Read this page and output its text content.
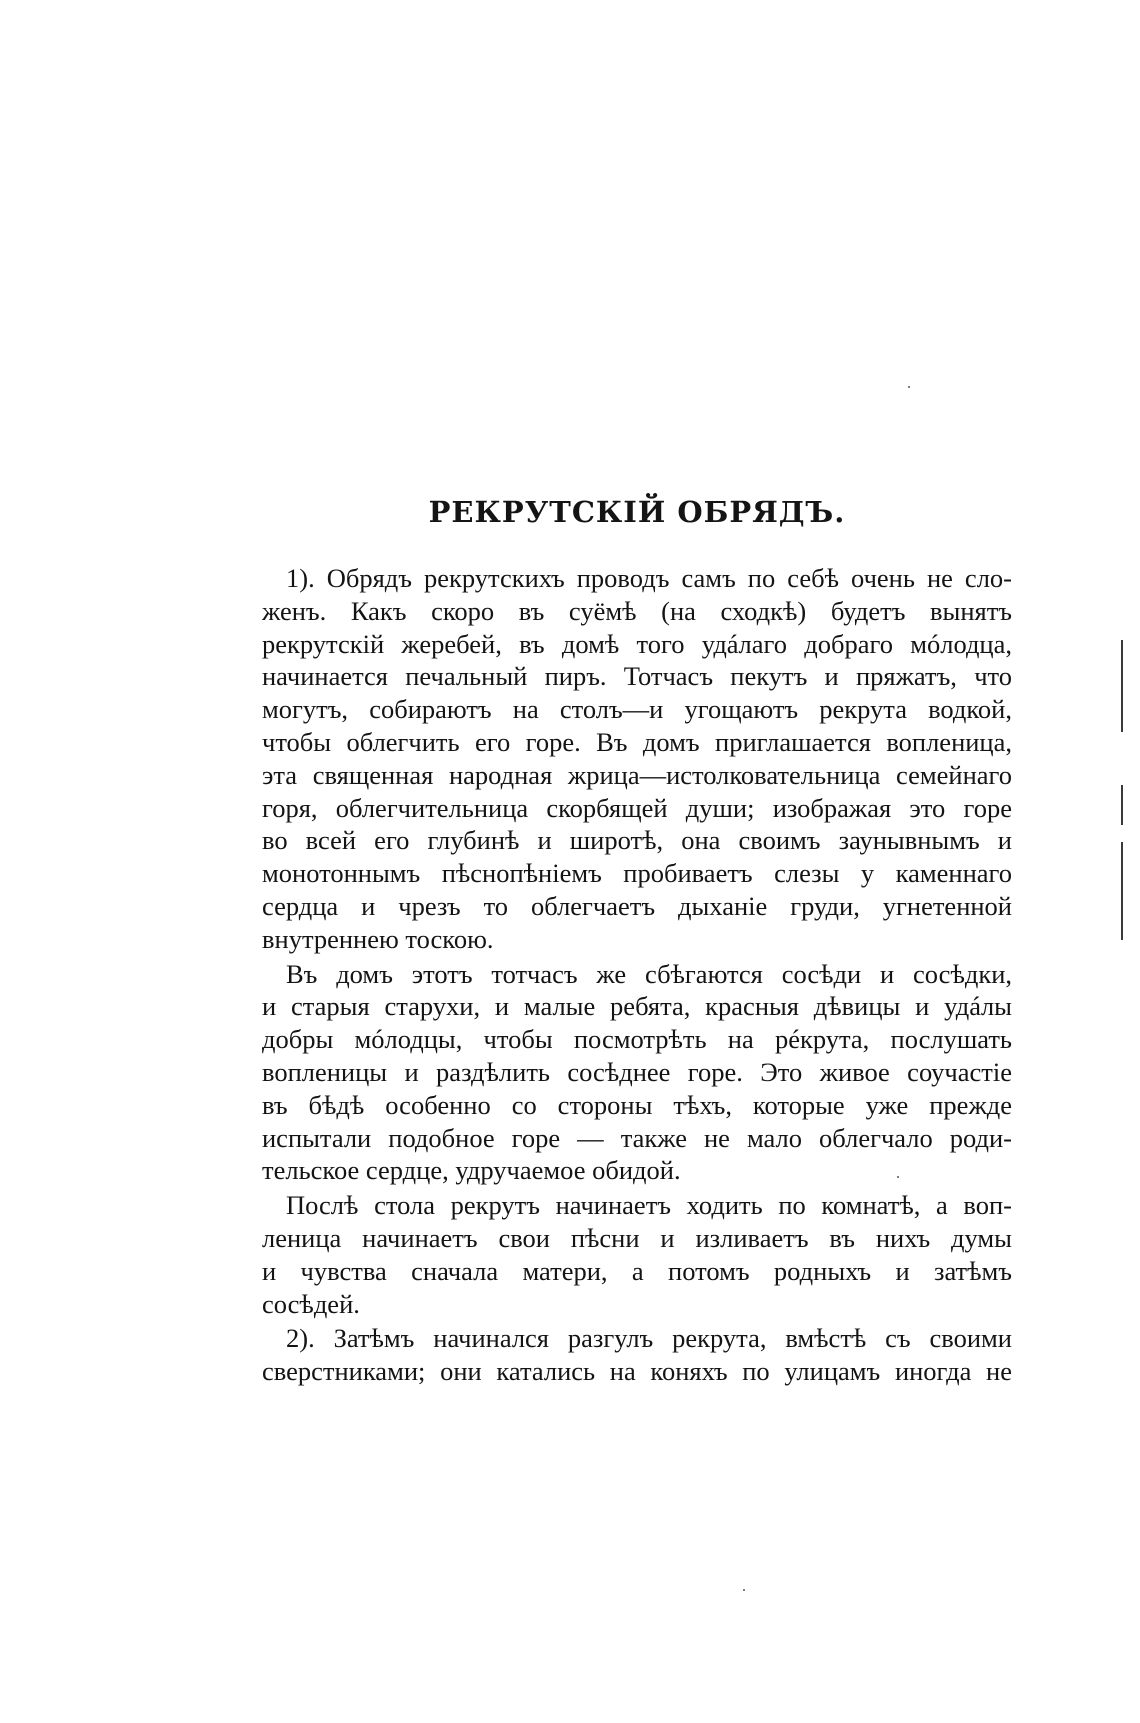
РЕКРУТСКІЙ ОБРЯДЪ.
1). Обрядъ рекрутскихъ проводъ самъ по себѣ очень не сло-
женъ. Какъ скоро въ суёмѣ (на сходкѣ) будетъ вынятъ
рекрутскій жеребей, въ домѣ того удáлаго добраго мóлодца,
начинается печальный пиръ. Тотчасъ пекутъ и пряжатъ, что
могутъ, собираютъ на столъ—и угощаютъ рекрута водкой,
чтобы облегчить его горе. Въ домъ приглашается вопленица,
эта священная народная жрица—истолковательница семейнаго
горя, облегчительница скорбящей души; изображая это горе
во всей его глубинѣ и широтѣ, она своимъ заунывнымъ и
монотоннымъ пѣснопѣніемъ пробиваетъ слезы у каменнаго
сердца и чрезъ то облегчаетъ дыханіе груди, угнетенной
внутреннею тоскою.
Въ домъ этотъ тотчасъ же сбѣгаются сосѣди и сосѣдки,
и старыя старухи, и малые ребята, красныя дѣвицы и удáлы
добры мóлодцы, чтобы посмотрѣть на рéкрута, послушать
вопленицы и раздѣлить сосѣднее горе. Это живое соучастіе
въ бѣдѣ особенно со стороны тѣхъ, которые уже прежде
испытали подобное горе — также не мало облегчало роди-
тельское сердце, удручаемое обидой.
Послѣ стола рекрутъ начинаетъ ходить по комнатѣ, а воп-
леница начинаетъ свои пѣсни и изливаетъ въ нихъ думы
и чувства сначала матери, а потомъ родныхъ и затѣмъ
сосѣдей.
2). Затѣмъ начинался разгулъ рекрута, вмѣстѣ съ своими
сверстниками; они катались на коняхъ по улицамъ иногда не
